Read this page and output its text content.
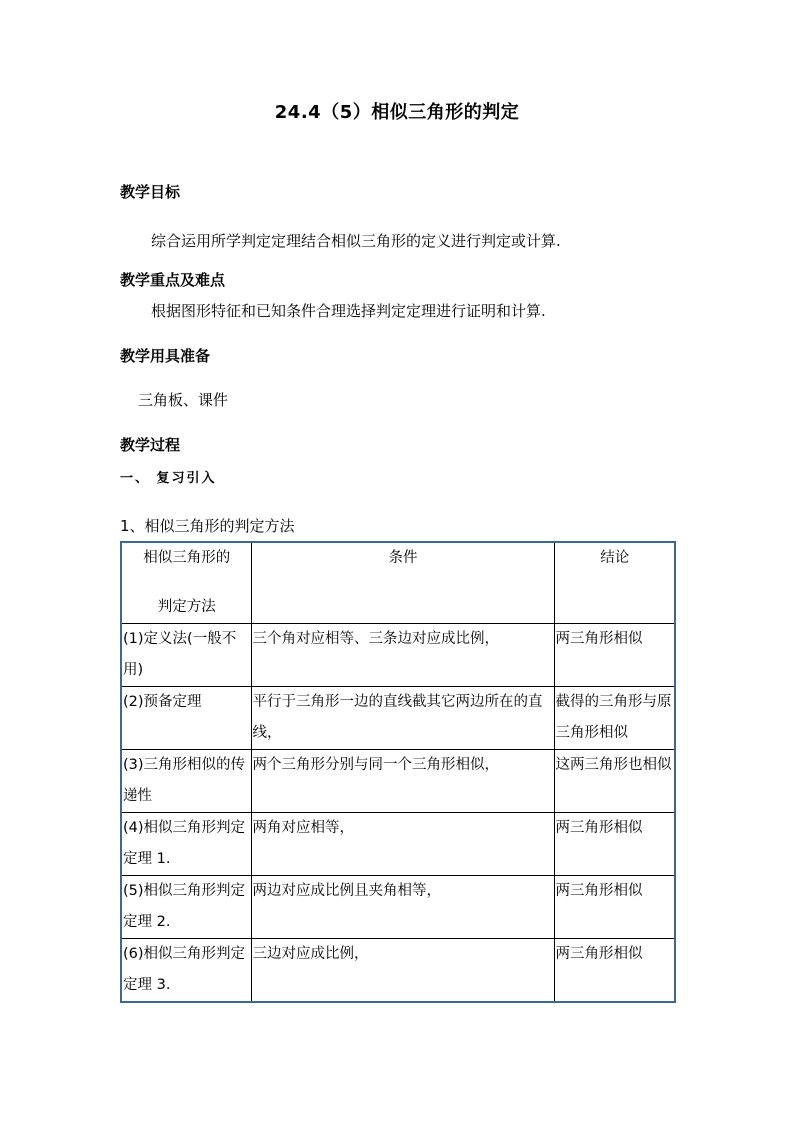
24.4（5）相似三角形的判定
教学目标
综合运用所学判定定理结合相似三角形的定义进行判定或计算.
教学重点及难点
根据图形特征和已知条件合理选择判定定理进行证明和计算.
教学用具准备
三角板、课件
教学过程
一、 复习引入
1、相似三角形的判定方法
相似三角形的
判定方法	条件	结论
(1)定义法(一般不用)	三个角对应相等、三条边对应成比例，	两三角形相似
(2)预备定理	平行于三角形一边的直线截其它两边所在的直线，	截得的三角形与原三角形相似
(3)三角形相似的传递性	两个三角形分别与同一个三角形相似，	这两三角形也相似
(4)相似三角形判定定理 1.	两角对应相等，	两三角形相似
(5)相似三角形判定定理 2.	两边对应成比例且夹角相等，	两三角形相似
(6)相似三角形判定定理 3.	三边对应成比例，	两三角形相似
